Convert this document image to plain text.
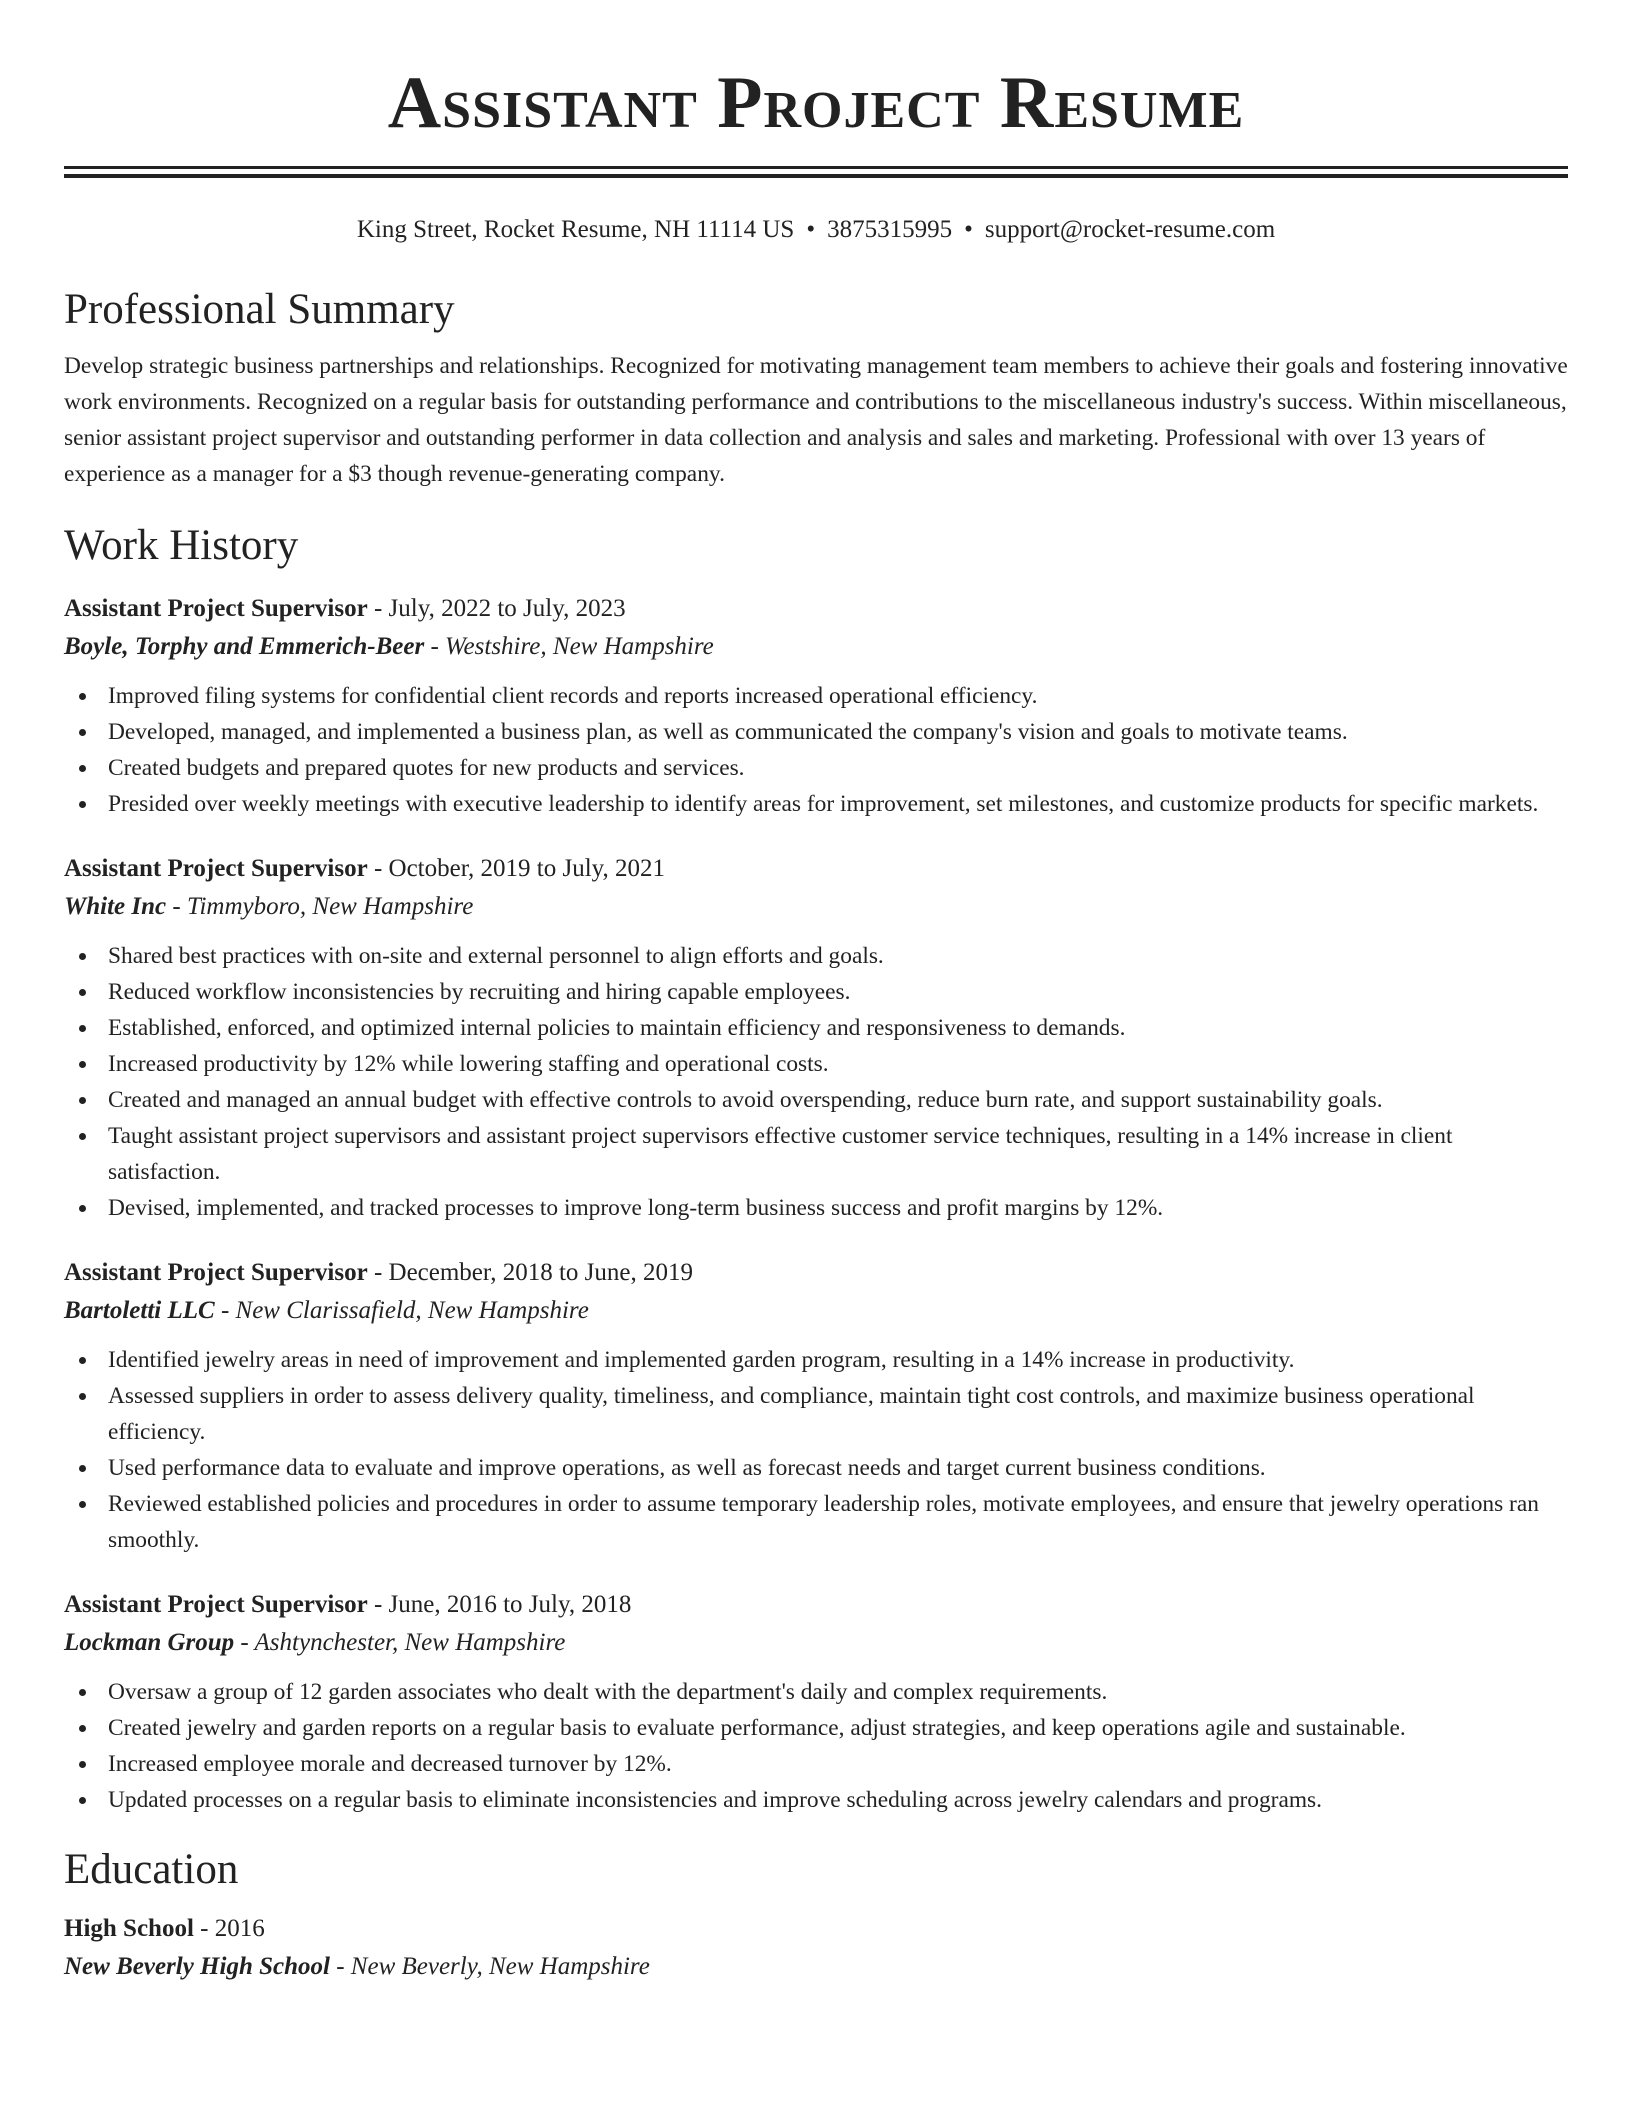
Assistant Project Resume
King Street, Rocket Resume, NH 11114 US • 3875315995 • support@rocket-resume.com
Professional Summary

Develop strategic business partnerships and relationships. Recognized for motivating management team members to achieve their goals and fostering innovative work environments. Recognized on a regular basis for outstanding performance and contributions to the miscellaneous industry's success. Within miscellaneous, senior assistant project supervisor and outstanding performer in data collection and analysis and sales and marketing. Professional with over 13 years of experience as a manager for a $3 though revenue-generating company.

Work History
Assistant Project Supervisor - July, 2022 to July, 2023
Boyle, Torphy and Emmerich-Beer - Westshire, New Hampshire
Improved filing systems for confidential client records and reports increased operational efficiency.
Developed, managed, and implemented a business plan, as well as communicated the company's vision and goals to motivate teams.
Created budgets and prepared quotes for new products and services.
Presided over weekly meetings with executive leadership to identify areas for improvement, set milestones, and customize products for specific markets.
Assistant Project Supervisor - October, 2019 to July, 2021
White Inc - Timmyboro, New Hampshire
Shared best practices with on-site and external personnel to align efforts and goals.
Reduced workflow inconsistencies by recruiting and hiring capable employees.
Established, enforced, and optimized internal policies to maintain efficiency and responsiveness to demands.
Increased productivity by 12% while lowering staffing and operational costs.
Created and managed an annual budget with effective controls to avoid overspending, reduce burn rate, and support sustainability goals.
Taught assistant project supervisors and assistant project supervisors effective customer service techniques, resulting in a 14% increase in client satisfaction.
Devised, implemented, and tracked processes to improve long-term business success and profit margins by 12%.
Assistant Project Supervisor - December, 2018 to June, 2019
Bartoletti LLC - New Clarissafield, New Hampshire
Identified jewelry areas in need of improvement and implemented garden program, resulting in a 14% increase in productivity.
Assessed suppliers in order to assess delivery quality, timeliness, and compliance, maintain tight cost controls, and maximize business operational efficiency.
Used performance data to evaluate and improve operations, as well as forecast needs and target current business conditions.
Reviewed established policies and procedures in order to assume temporary leadership roles, motivate employees, and ensure that jewelry operations ran smoothly.
Assistant Project Supervisor - June, 2016 to July, 2018
Lockman Group - Ashtynchester, New Hampshire
Oversaw a group of 12 garden associates who dealt with the department's daily and complex requirements.
Created jewelry and garden reports on a regular basis to evaluate performance, adjust strategies, and keep operations agile and sustainable.
Increased employee morale and decreased turnover by 12%.
Updated processes on a regular basis to eliminate inconsistencies and improve scheduling across jewelry calendars and programs.
Education
High School - 2016
New Beverly High School - New Beverly, New Hampshire
